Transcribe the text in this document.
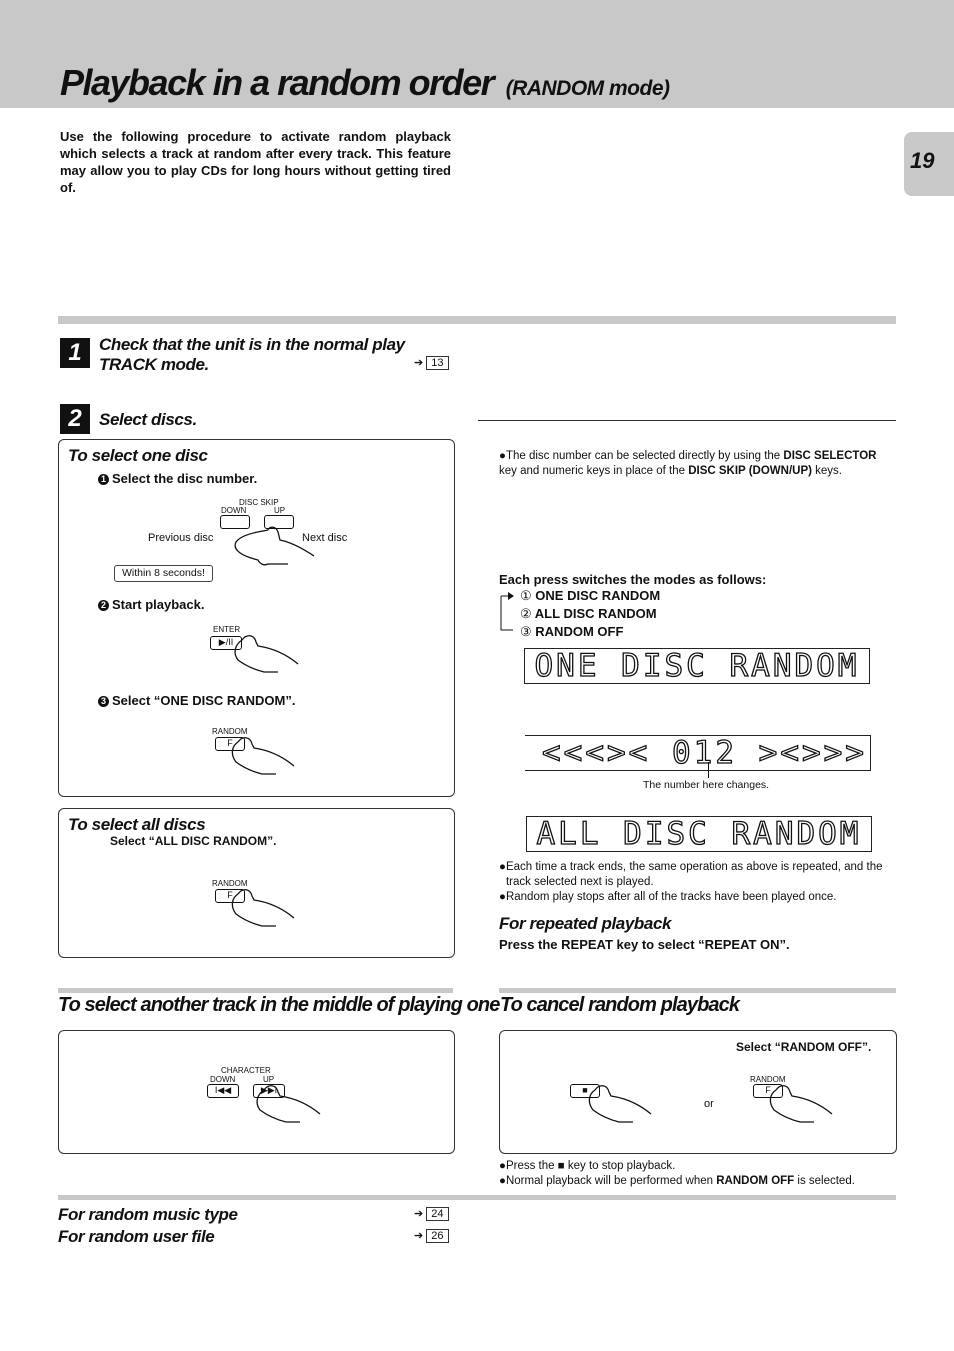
Playback in a random order (RANDOM mode)
19
Use the following procedure to activate random playback which selects a track at random after every track. This feature may allow you to play CDs for long hours without getting tired of.
1	Check that the unit is in the normal play TRACK mode.	➔ 13
2	Select discs.
To select one disc
1 Select the disc number.
DISC SKIP
DOWN	UP
Previous disc	Next disc
Within 8 seconds!
2 Start playback.
ENTER
▶/II
3 Select “ONE DISC RANDOM”.
RANDOM
F
To select all discs
Select “ALL DISC RANDOM”.
RANDOM
F
●The disc number can be selected directly by using the DISC SELECTOR key and numeric keys in place of the DISC SKIP (DOWN/UP) keys.
Each press switches the modes as follows:
① ONE DISC RANDOM
② ALL DISC RANDOM
③ RANDOM OFF
ONE DISC RANDOM
<<<>< 012 ><>>>
The number here changes.
ALL DISC RANDOM
● Each time a track ends, the same operation as above is repeated, and the track selected next is played.
● Random play stops after all of the tracks have been played once.
For repeated playback
Press the REPEAT key to select “REPEAT ON”.
To select another track in the middle of playing one To cancel random playback
CHARACTER
DOWN	UP
I◀◀	▶▶I
Select “RANDOM OFF”.
■
or
RANDOM
F
●Press the ■ key to stop playback.
●Normal playback will be performed when RANDOM OFF is selected.
For random music type	➔ 24
For random user file	➔ 26
